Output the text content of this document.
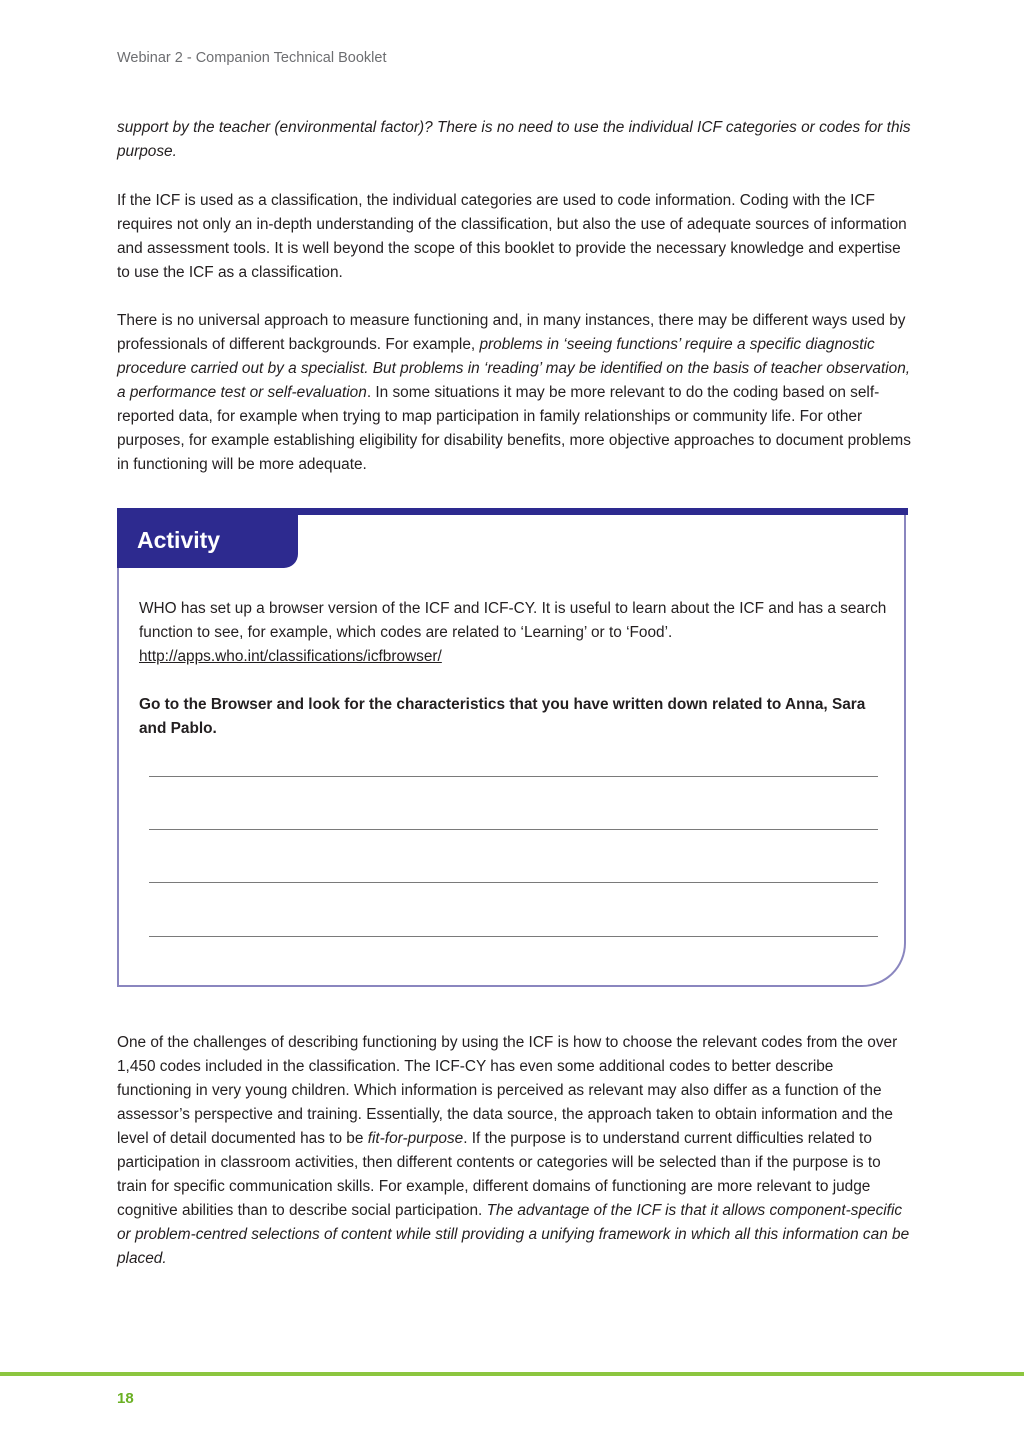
Webinar 2 - Companion Technical Booklet

support by the teacher (environmental factor)? There is no need to use the individual ICF categories or codes for this purpose.

If the ICF is used as a classification, the individual categories are used to code information. Coding with the ICF requires not only an in-depth understanding of the classification, but also the use of adequate sources of information and assessment tools. It is well beyond the scope of this booklet to provide the necessary knowledge and expertise to use the ICF as a classification.

There is no universal approach to measure functioning and, in many instances, there may be different ways used by professionals of different backgrounds. For example, problems in ‘seeing functions’ require a specific diagnostic procedure carried out by a specialist. But problems in ‘reading’ may be identified on the basis of teacher observation, a performance test or self-evaluation. In some situations it may be more relevant to do the coding based on self-reported data, for example when trying to map participation in family relationships or community life. For other purposes, for example establishing eligibility for disability benefits, more objective approaches to document problems in functioning will be more adequate.

Activity

WHO has set up a browser version of the ICF and ICF-CY. It is useful to learn about the ICF and has a search function to see, for example, which codes are related to ‘Learning’ or to ‘Food’.
http://apps.who.int/classifications/icfbrowser/

Go to the Browser and look for the characteristics that you have written down related to Anna, Sara and Pablo.

One of the challenges of describing functioning by using the ICF is how to choose the relevant codes from the over 1,450 codes included in the classification. The ICF-CY has even some additional codes to better describe functioning in very young children. Which information is perceived as relevant may also differ as a function of the assessor’s perspective and training. Essentially, the data source, the approach taken to obtain information and the level of detail documented has to be fit-for-purpose. If the purpose is to understand current difficulties related to participation in classroom activities, then different contents or categories will be selected than if the purpose is to train for specific communication skills. For example, different domains of functioning are more relevant to judge cognitive abilities than to describe social participation. The advantage of the ICF is that it allows component-specific or problem-centred selections of content while still providing a unifying framework in which all this information can be placed.

18
